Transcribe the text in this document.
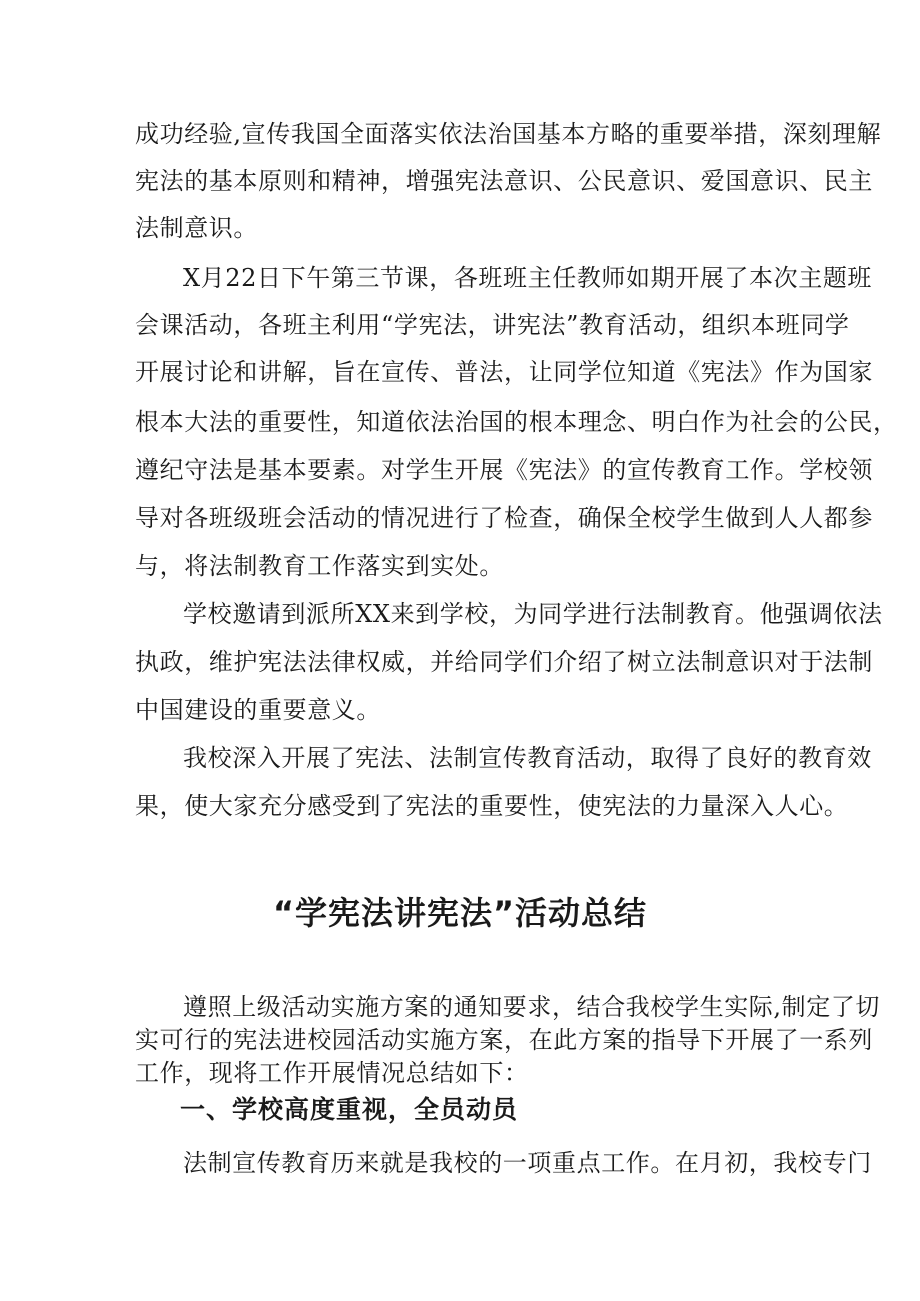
成功经验,宣传我国全面落实依法治国基本方略的重要举措，深刻理解
宪法的基本原则和精神，增强宪法意识、公民意识、爱国意识、民主
法制意识。
X月22日下午第三节课，各班班主任教师如期开展了本次主题班
会课活动，各班主利用“学宪法，讲宪法”教育活动，组织本班同学
开展讨论和讲解，旨在宣传、普法，让同学位知道《宪法》作为国家
根本大法的重要性，知道依法治国的根本理念、明白作为社会的公民，
遵纪守法是基本要素。对学生开展《宪法》的宣传教育工作。学校领
导对各班级班会活动的情况进行了检查，确保全校学生做到人人都参
与，将法制教育工作落实到实处。
学校邀请到派所XX来到学校，为同学进行法制教育。他强调依法
执政，维护宪法法律权威，并给同学们介绍了树立法制意识对于法制
中国建设的重要意义。
我校深入开展了宪法、法制宣传教育活动，取得了良好的教育效
果，使大家充分感受到了宪法的重要性，使宪法的力量深入人心。
“学宪法讲宪法”活动总结
遵照上级活动实施方案的通知要求，结合我校学生实际,制定了切
实可行的宪法进校园活动实施方案，在此方案的指导下开展了一系列
工作，现将工作开展情况总结如下：
一、学校高度重视，全员动员
法制宣传教育历来就是我校的一项重点工作。在月初，我校专门
